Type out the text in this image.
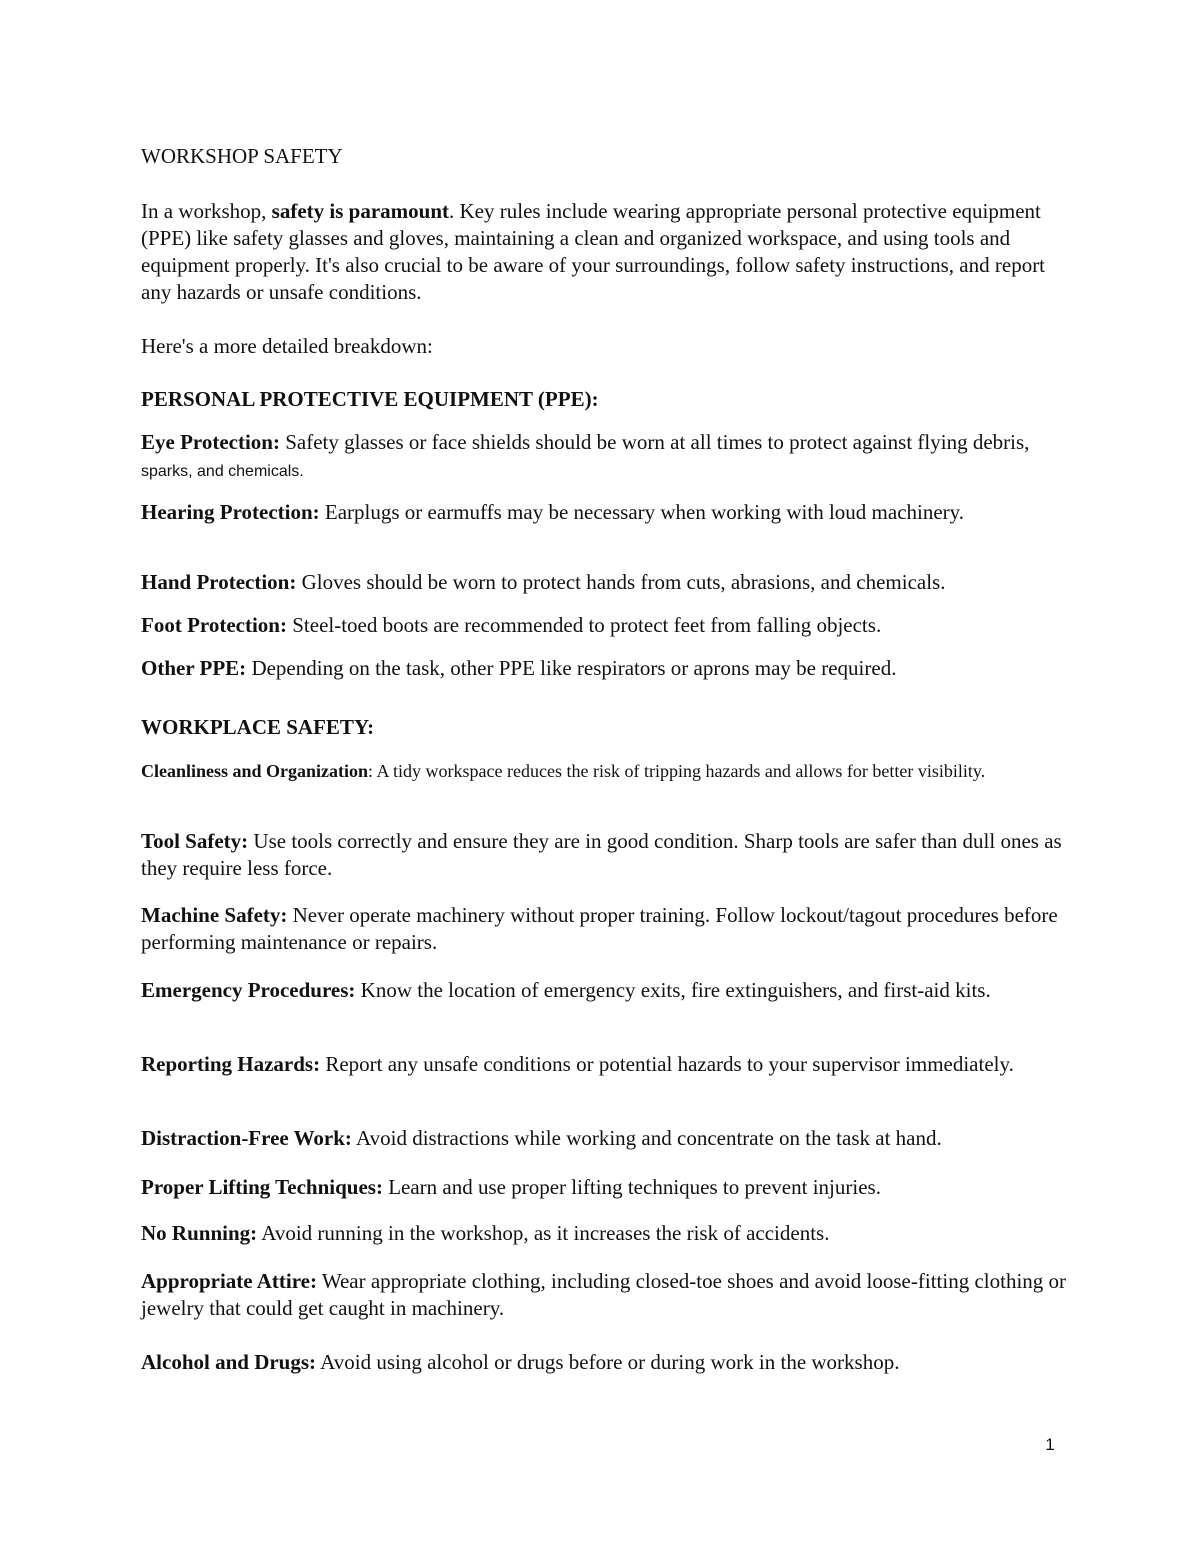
WORKSHOP SAFETY

In a workshop, safety is paramount. Key rules include wearing appropriate personal protective equipment (PPE) like safety glasses and gloves, maintaining a clean and organized workspace, and using tools and equipment properly. It's also crucial to be aware of your surroundings, follow safety instructions, and report any hazards or unsafe conditions.

Here's a more detailed breakdown:

PERSONAL PROTECTIVE EQUIPMENT (PPE):

Eye Protection: Safety glasses or face shields should be worn at all times to protect against flying debris, sparks, and chemicals.

Hearing Protection: Earplugs or earmuffs may be necessary when working with loud machinery.

Hand Protection: Gloves should be worn to protect hands from cuts, abrasions, and chemicals.

Foot Protection: Steel-toed boots are recommended to protect feet from falling objects.

Other PPE: Depending on the task, other PPE like respirators or aprons may be required.

WORKPLACE SAFETY:

Cleanliness and Organization: A tidy workspace reduces the risk of tripping hazards and allows for better visibility.

Tool Safety: Use tools correctly and ensure they are in good condition. Sharp tools are safer than dull ones as they require less force.

Machine Safety: Never operate machinery without proper training. Follow lockout/tagout procedures before performing maintenance or repairs.

Emergency Procedures: Know the location of emergency exits, fire extinguishers, and first-aid kits.

Reporting Hazards: Report any unsafe conditions or potential hazards to your supervisor immediately.

Distraction-Free Work: Avoid distractions while working and concentrate on the task at hand.

Proper Lifting Techniques: Learn and use proper lifting techniques to prevent injuries.

No Running: Avoid running in the workshop, as it increases the risk of accidents.

Appropriate Attire: Wear appropriate clothing, including closed-toe shoes and avoid loose-fitting clothing or jewelry that could get caught in machinery.

Alcohol and Drugs: Avoid using alcohol or drugs before or during work in the workshop.

1
